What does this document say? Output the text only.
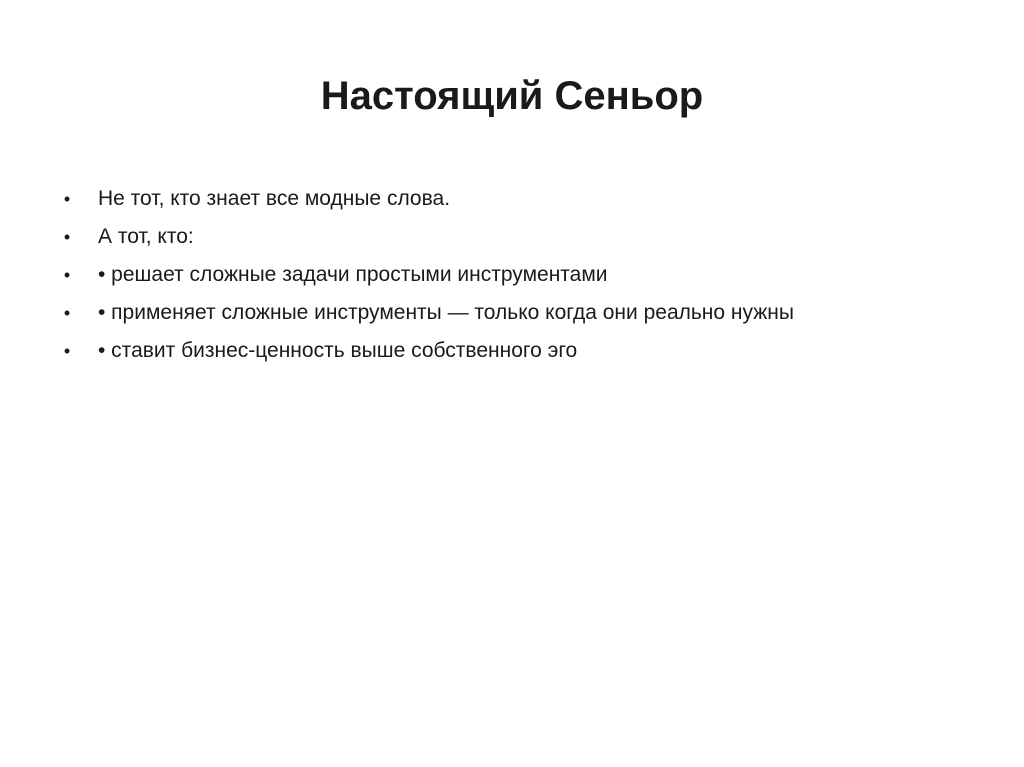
Настоящий Сеньор
• Не тот, кто знает все модные слова.
• А тот, кто:
• • решает сложные задачи простыми инструментами
• • применяет сложные инструменты — только когда они реально нужны
• • ставит бизнес-ценность выше собственного эго
